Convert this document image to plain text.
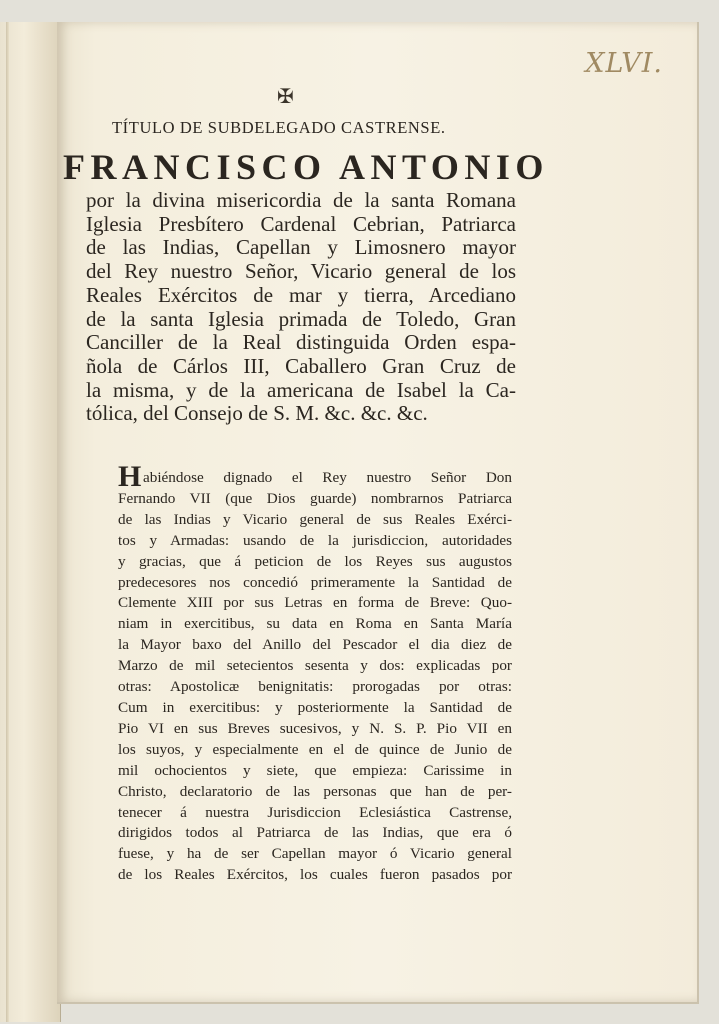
XLVI.
✠
TÍTULO DE SUBDELEGADO CASTRENSE.
FRANCISCO ANTONIO
por la divina misericordia de la santa Romana
Iglesia Presbítero Cardenal Cebrian, Patriarca
de las Indias, Capellan y Limosnero mayor
del Rey nuestro Señor, Vicario general de los
Reales Exércitos de mar y tierra, Arcediano
de la santa Iglesia primada de Toledo, Gran
Canciller de la Real distinguida Orden espa-
ñola de Cárlos III, Caballero Gran Cruz de
la misma, y de la americana de Isabel la Ca-
tólica, del Consejo de S. M. &c. &c. &c.
H abiéndose dignado el Rey nuestro Señor Don
Fernando VII (que Dios guarde) nombrarnos Patriarca
de las Indias y Vicario general de sus Reales Exérci-
tos y Armadas: usando de la jurisdiccion, autoridades
y gracias, que á peticion de los Reyes sus augustos
predecesores nos concedió primeramente la Santidad de
Clemente XIII por sus Letras en forma de Breve: Quo-
niam in exercitibus, su data en Roma en Santa María
la Mayor baxo del Anillo del Pescador el dia diez de
Marzo de mil setecientos sesenta y dos: explicadas por
otras: Apostolicæ benignitatis: prorogadas por otras:
Cum in exercitibus: y posteriormente la Santidad de
Pio VI en sus Breves sucesivos, y N. S. P. Pio VII en
los suyos, y especialmente en el de quince de Junio de
mil ochocientos y siete, que empieza: Carissime in
Christo, declaratorio de las personas que han de per-
tenecer á nuestra Jurisdiccion Eclesiástica Castrense,
dirigidos todos al Patriarca de las Indias, que era ó
fuese, y ha de ser Capellan mayor ó Vicario general
de los Reales Exércitos, los cuales fueron pasados por
